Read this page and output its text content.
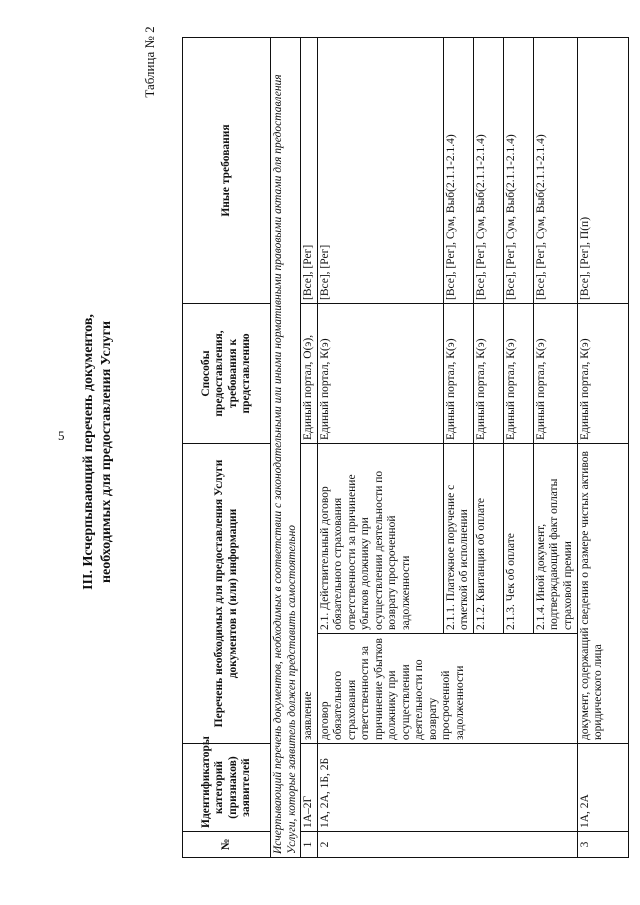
5 III. Исчерпывающий перечень документов, необходимых для предоставления Услуги
Таблица № 2
№	Идентификаторы категорий (признаков) заявителей	Перечень необходимых для предоставления Услуги документов и (или) информации		Способы предоставления, требования к представлению	Иные требования
Исчерпывающий перечень документов, необходимых в соответствии с законодательными или иными нормативными правовыми актами для предоставления Услуги, которые заявитель должен представить самостоятельно					
1	1А–2Г	заявление		Единый портал, О(э),	[Все], [Рег]
2	1А, 2А, 1Б, 2Б	договор обязательного страхования ответственности за причинение убытков должнику при осуществлении деятельности по возврату просроченной задолженности	2.1. Действительный договор обязательного страхования ответственности за причинение убытков должнику при осуществлении деятельности по возврату просроченной задолженности	Единый портал, К(э)	[Все], [Рег]
			2.1.1. Платежное поручение с отметкой об исполнении	Единый портал, К(э)	[Все], [Рег], Сум, Выб(2.1.1-2.1.4)
			2.1.2. Квитанция об оплате	Единый портал, К(э)	[Все], [Рег], Сум, Выб(2.1.1-2.1.4)
			2.1.3. Чек об оплате	Единый портал, К(э)	[Все], [Рег], Сум, Выб(2.1.1-2.1.4)
			2.1.4. Иной документ, подтверждающий факт оплаты страховой премии	Единый портал, К(э)	[Все], [Рег], Сум, Выб(2.1.1-2.1.4)
3	1А, 2А	документ, содержащий сведения о размере чистых активов юридического лица		Единый портал, К(э)	[Все], [Рег], П(п)
